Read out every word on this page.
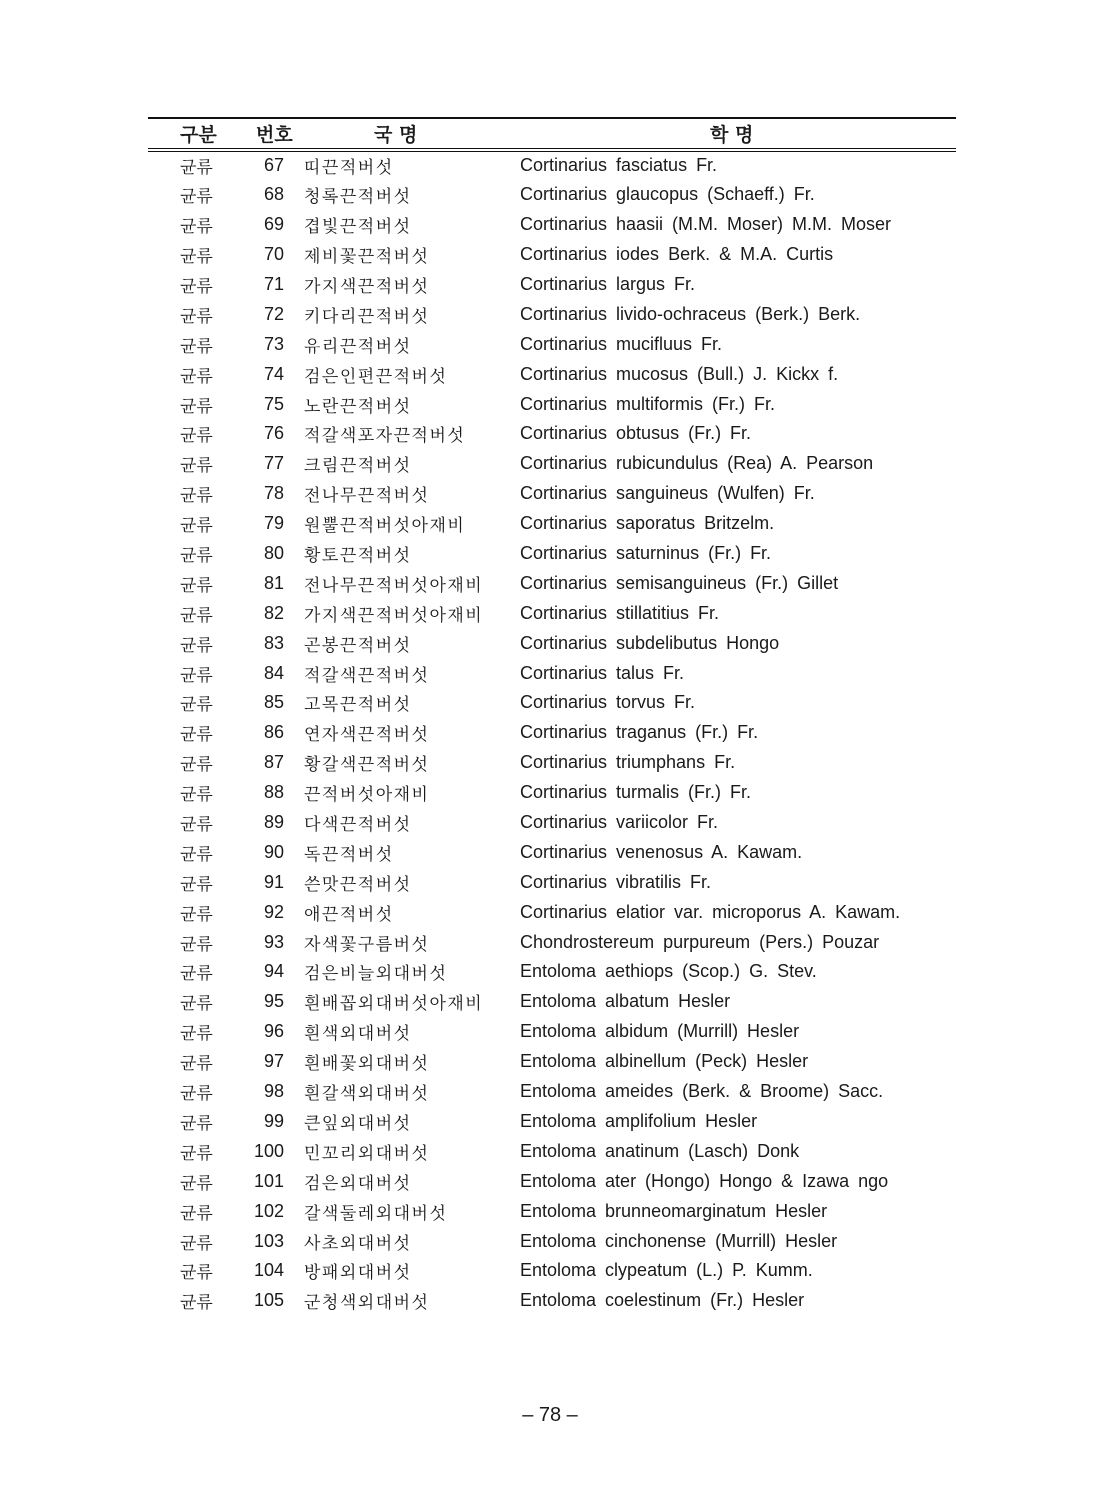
구분	번호	국 명	학 명
균류	67	띠끈적버섯	Cortinarius fasciatus Fr.
균류	68	청록끈적버섯	Cortinarius glaucopus (Schaeff.) Fr.
균류	69	겹빛끈적버섯	Cortinarius haasii (M.M. Moser) M.M. Moser
균류	70	제비꽃끈적버섯	Cortinarius iodes Berk. & M.A. Curtis
균류	71	가지색끈적버섯	Cortinarius largus Fr.
균류	72	키다리끈적버섯	Cortinarius livido-ochraceus (Berk.) Berk.
균류	73	유리끈적버섯	Cortinarius mucifluus Fr.
균류	74	검은인편끈적버섯	Cortinarius mucosus (Bull.) J. Kickx f.
균류	75	노란끈적버섯	Cortinarius multiformis (Fr.) Fr.
균류	76	적갈색포자끈적버섯	Cortinarius obtusus (Fr.) Fr.
균류	77	크림끈적버섯	Cortinarius rubicundulus (Rea) A. Pearson
균류	78	전나무끈적버섯	Cortinarius sanguineus (Wulfen) Fr.
균류	79	원뿔끈적버섯아재비	Cortinarius saporatus Britzelm.
균류	80	황토끈적버섯	Cortinarius saturninus (Fr.) Fr.
균류	81	전나무끈적버섯아재비	Cortinarius semisanguineus (Fr.) Gillet
균류	82	가지색끈적버섯아재비	Cortinarius stillatitius Fr.
균류	83	곤봉끈적버섯	Cortinarius subdelibutus Hongo
균류	84	적갈색끈적버섯	Cortinarius talus Fr.
균류	85	고목끈적버섯	Cortinarius torvus Fr.
균류	86	연자색끈적버섯	Cortinarius traganus (Fr.) Fr.
균류	87	황갈색끈적버섯	Cortinarius triumphans Fr.
균류	88	끈적버섯아재비	Cortinarius turmalis (Fr.) Fr.
균류	89	다색끈적버섯	Cortinarius variicolor Fr.
균류	90	독끈적버섯	Cortinarius venenosus A. Kawam.
균류	91	쓴맛끈적버섯	Cortinarius vibratilis Fr.
균류	92	애끈적버섯	Cortinarius elatior var. microporus A. Kawam.
균류	93	자색꽃구름버섯	Chondrostereum purpureum (Pers.) Pouzar
균류	94	검은비늘외대버섯	Entoloma aethiops (Scop.) G. Stev.
균류	95	흰배꼽외대버섯아재비	Entoloma albatum Hesler
균류	96	흰색외대버섯	Entoloma albidum (Murrill) Hesler
균류	97	흰배꽃외대버섯	Entoloma albinellum (Peck) Hesler
균류	98	흰갈색외대버섯	Entoloma ameides (Berk. & Broome) Sacc.
균류	99	큰잎외대버섯	Entoloma amplifolium Hesler
균류	100	민꼬리외대버섯	Entoloma anatinum (Lasch) Donk
균류	101	검은외대버섯	Entoloma ater (Hongo) Hongo & Izawa ngo
균류	102	갈색둘레외대버섯	Entoloma brunneomarginatum Hesler
균류	103	사초외대버섯	Entoloma cinchonense (Murrill) Hesler
균류	104	방패외대버섯	Entoloma clypeatum (L.) P. Kumm.
균류	105	군청색외대버섯	Entoloma coelestinum (Fr.) Hesler
– 78 –
